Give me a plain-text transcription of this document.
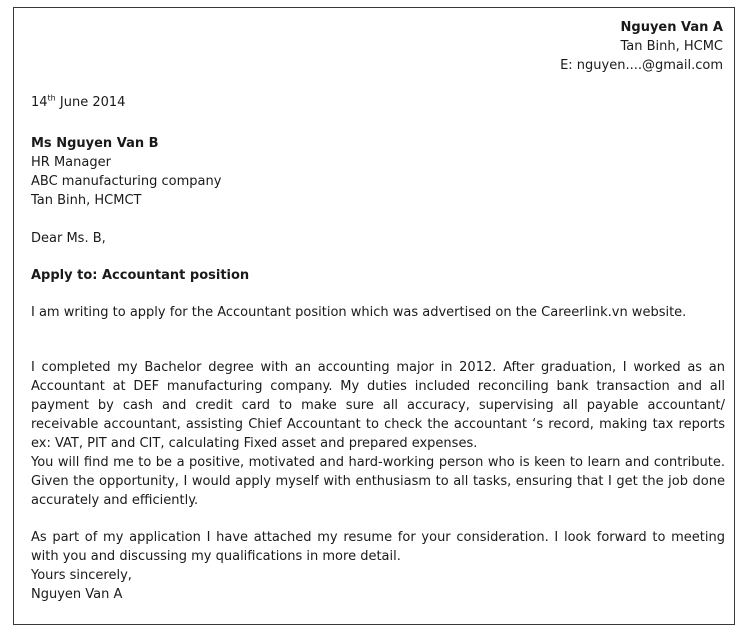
Nguyen Van A
Tan Binh, HCMC
E: nguyen....@gmail.com
14th June 2014
Ms Nguyen Van B
HR Manager
ABC manufacturing company
Tan Binh, HCMCT
Dear Ms. B,
Apply to: Accountant position

I am writing to apply for the Accountant position which was advertised on the Careerlink.vn website.

I completed my Bachelor degree with an accounting major in 2012. After graduation, I worked as an Accountant at DEF manufacturing company. My duties included reconciling bank transaction and all payment by cash and credit card to make sure all accuracy, supervising all payable accountant/ receivable accountant, assisting Chief Accountant to check the accountant ‘s record, making tax reports ex: VAT, PIT and CIT, calculating Fixed asset and prepared expenses.

You will find me to be a positive, motivated and hard-working person who is keen to learn and contribute. Given the opportunity, I would apply myself with enthusiasm to all tasks, ensuring that I get the job done accurately and efficiently.

As part of my application I have attached my resume for your consideration. I look forward to meeting with you and discussing my qualifications in more detail.

Yours sincerely,
Nguyen Van A
